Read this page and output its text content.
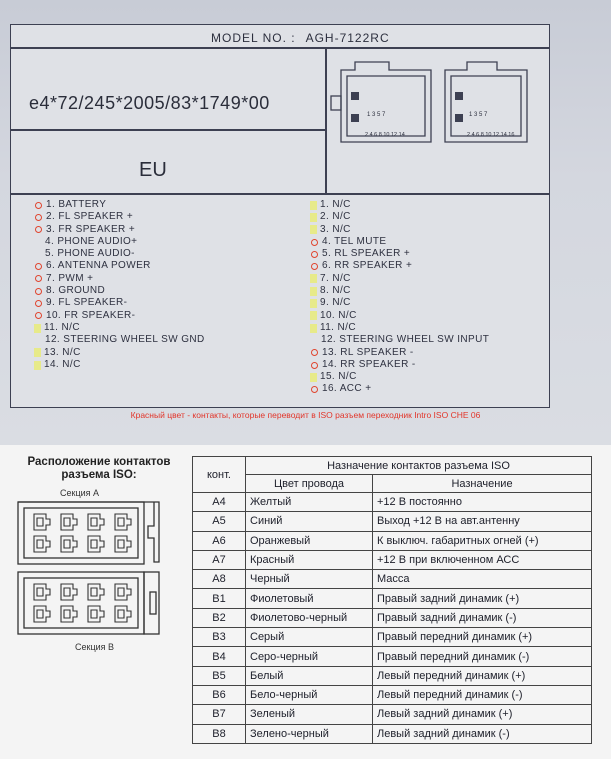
MODEL NO. : AGH-7122RC
e4*72/245*2005/83*1749*00
EU
1. BATTERY
2. FL SPEAKER +
3. FR SPEAKER +
4. PHONE AUDIO+
5. PHONE AUDIO-
6. ANTENNA POWER
7. PWM +
8. GROUND
9. FL SPEAKER-
10. FR SPEAKER-
11. N/C
12. STEERING WHEEL SW GND
13. N/C
14. N/C
1. N/C
2. N/C
3. N/C
4. TEL MUTE
5. RL SPEAKER +
6. RR SPEAKER +
7. N/C
8. N/C
9. N/C
10. N/C
11. N/C
12. STEERING WHEEL SW INPUT
13. RL SPEAKER -
14. RR SPEAKER -
15. N/C
16. ACC +
1 3 5 7
2 4 6 8 10 12 14
1 3 5 7
2 4 6 8 10 12 14 16
Красный цвет - контакты, которые переводит в ISO разъем переходник Intro ISO CHE 06
Расположение контактов разъема ISO:
Секция А
Секция В
конт.	Назначение контактов разъема ISO	
	Цвет провода	Назначение
A4	Желтый	+12 В постоянно
A5	Синий	Выход +12 В на авт.антенну
A6	Оранжевый	К выключ. габаритных огней (+)
A7	Красный	+12 В при включенном АСС
A8	Черный	Масса
B1	Фиолетовый	Правый задний динамик (+)
B2	Фиолетово-черный	Правый задний динамик (-)
B3	Серый	Правый передний динамик (+)
B4	Серо-черный	Правый передний динамик (-)
B5	Белый	Левый передний динамик (+)
B6	Бело-черный	Левый передний динамик (-)
B7	Зеленый	Левый задний динамик (+)
B8	Зелено-черный	Левый задний динамик (-)
